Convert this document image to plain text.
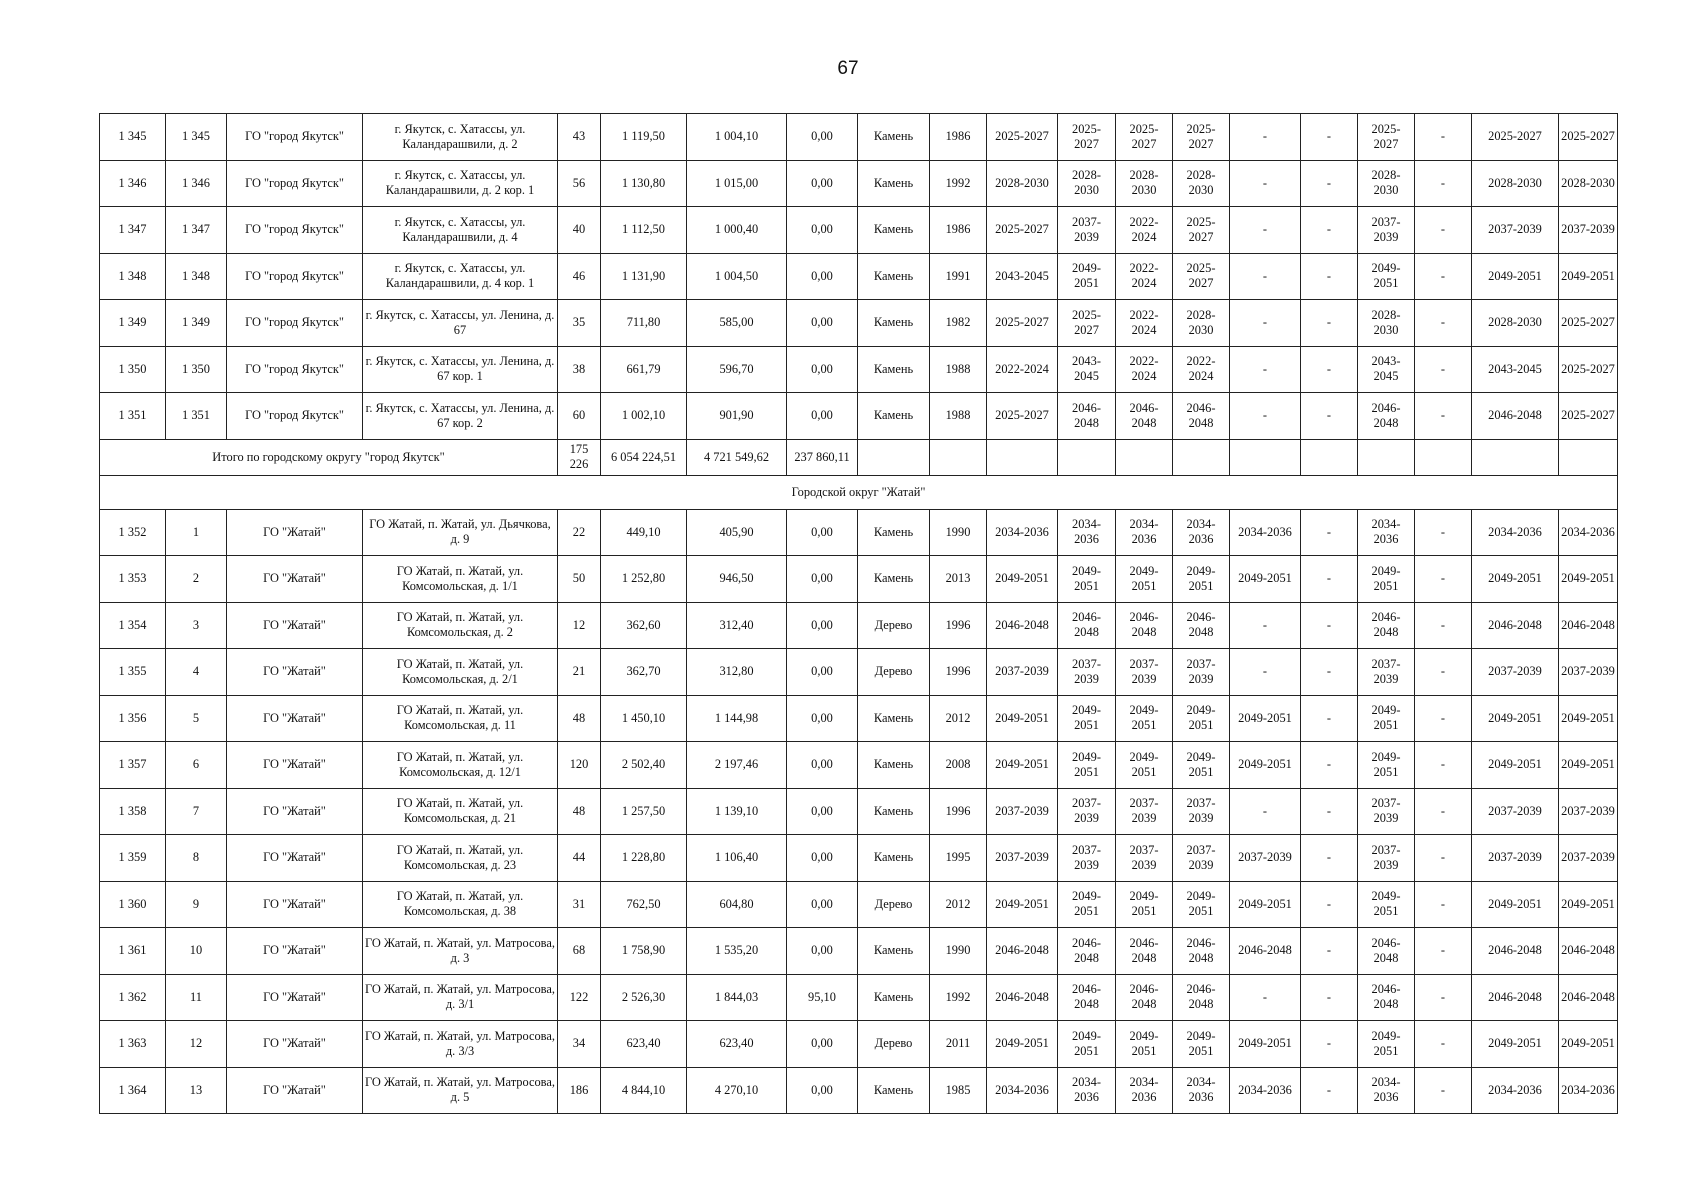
67
1 345	1 345	ГО "город Якутск"	г. Якутск, с. Хатассы, ул. Каландарашвили, д. 2	43	1 119,50	1 004,10	0,00	Камень	1986	2025-2027	2025-2027	2025-2027	2025-2027	-	-	2025-2027	-	2025-2027	2025-2027
1 346	1 346	ГО "город Якутск"	г. Якутск, с. Хатассы, ул. Каландарашвили, д. 2 кор. 1	56	1 130,80	1 015,00	0,00	Камень	1992	2028-2030	2028-2030	2028-2030	2028-2030	-	-	2028-2030	-	2028-2030	2028-2030
1 347	1 347	ГО "город Якутск"	г. Якутск, с. Хатассы, ул. Каландарашвили, д. 4	40	1 112,50	1 000,40	0,00	Камень	1986	2025-2027	2037-2039	2022-2024	2025-2027	-	-	2037-2039	-	2037-2039	2037-2039
1 348	1 348	ГО "город Якутск"	г. Якутск, с. Хатассы, ул. Каландарашвили, д. 4 кор. 1	46	1 131,90	1 004,50	0,00	Камень	1991	2043-2045	2049-2051	2022-2024	2025-2027	-	-	2049-2051	-	2049-2051	2049-2051
1 349	1 349	ГО "город Якутск"	г. Якутск, с. Хатассы, ул. Ленина, д. 67	35	711,80	585,00	0,00	Камень	1982	2025-2027	2025-2027	2022-2024	2028-2030	-	-	2028-2030	-	2028-2030	2025-2027
1 350	1 350	ГО "город Якутск"	г. Якутск, с. Хатассы, ул. Ленина, д. 67 кор. 1	38	661,79	596,70	0,00	Камень	1988	2022-2024	2043-2045	2022-2024	2022-2024	-	-	2043-2045	-	2043-2045	2025-2027
1 351	1 351	ГО "город Якутск"	г. Якутск, с. Хатассы, ул. Ленина, д. 67 кор. 2	60	1 002,10	901,90	0,00	Камень	1988	2025-2027	2046-2048	2046-2048	2046-2048	-	-	2046-2048	-	2046-2048	2025-2027
Итого по городскому округу "город Якутск"				175 226	6 054 224,51	4 721 549,62	237 860,11												
Городской округ "Жатай"																			
1 352	1	ГО "Жатай"	ГО Жатай, п. Жатай, ул. Дьячкова, д. 9	22	449,10	405,90	0,00	Камень	1990	2034-2036	2034-2036	2034-2036	2034-2036	2034-2036	-	2034-2036	-	2034-2036	2034-2036
1 353	2	ГО "Жатай"	ГО Жатай, п. Жатай, ул. Комсомольская, д. 1/1	50	1 252,80	946,50	0,00	Камень	2013	2049-2051	2049-2051	2049-2051	2049-2051	2049-2051	-	2049-2051	-	2049-2051	2049-2051
1 354	3	ГО "Жатай"	ГО Жатай, п. Жатай, ул. Комсомольская, д. 2	12	362,60	312,40	0,00	Дерево	1996	2046-2048	2046-2048	2046-2048	2046-2048	-	-	2046-2048	-	2046-2048	2046-2048
1 355	4	ГО "Жатай"	ГО Жатай, п. Жатай, ул. Комсомольская, д. 2/1	21	362,70	312,80	0,00	Дерево	1996	2037-2039	2037-2039	2037-2039	2037-2039	-	-	2037-2039	-	2037-2039	2037-2039
1 356	5	ГО "Жатай"	ГО Жатай, п. Жатай, ул. Комсомольская, д. 11	48	1 450,10	1 144,98	0,00	Камень	2012	2049-2051	2049-2051	2049-2051	2049-2051	2049-2051	-	2049-2051	-	2049-2051	2049-2051
1 357	6	ГО "Жатай"	ГО Жатай, п. Жатай, ул. Комсомольская, д. 12/1	120	2 502,40	2 197,46	0,00	Камень	2008	2049-2051	2049-2051	2049-2051	2049-2051	2049-2051	-	2049-2051	-	2049-2051	2049-2051
1 358	7	ГО "Жатай"	ГО Жатай, п. Жатай, ул. Комсомольская, д. 21	48	1 257,50	1 139,10	0,00	Камень	1996	2037-2039	2037-2039	2037-2039	2037-2039	-	-	2037-2039	-	2037-2039	2037-2039
1 359	8	ГО "Жатай"	ГО Жатай, п. Жатай, ул. Комсомольская, д. 23	44	1 228,80	1 106,40	0,00	Камень	1995	2037-2039	2037-2039	2037-2039	2037-2039	2037-2039	-	2037-2039	-	2037-2039	2037-2039
1 360	9	ГО "Жатай"	ГО Жатай, п. Жатай, ул. Комсомольская, д. 38	31	762,50	604,80	0,00	Дерево	2012	2049-2051	2049-2051	2049-2051	2049-2051	2049-2051	-	2049-2051	-	2049-2051	2049-2051
1 361	10	ГО "Жатай"	ГО Жатай, п. Жатай, ул. Матросова, д. 3	68	1 758,90	1 535,20	0,00	Камень	1990	2046-2048	2046-2048	2046-2048	2046-2048	2046-2048	-	2046-2048	-	2046-2048	2046-2048
1 362	11	ГО "Жатай"	ГО Жатай, п. Жатай, ул. Матросова, д. 3/1	122	2 526,30	1 844,03	95,10	Камень	1992	2046-2048	2046-2048	2046-2048	2046-2048	-	-	2046-2048	-	2046-2048	2046-2048
1 363	12	ГО "Жатай"	ГО Жатай, п. Жатай, ул. Матросова, д. 3/3	34	623,40	623,40	0,00	Дерево	2011	2049-2051	2049-2051	2049-2051	2049-2051	2049-2051	-	2049-2051	-	2049-2051	2049-2051
1 364	13	ГО "Жатай"	ГО Жатай, п. Жатай, ул. Матросова, д. 5	186	4 844,10	4 270,10	0,00	Камень	1985	2034-2036	2034-2036	2034-2036	2034-2036	2034-2036	-	2034-2036	-	2034-2036	2034-2036
